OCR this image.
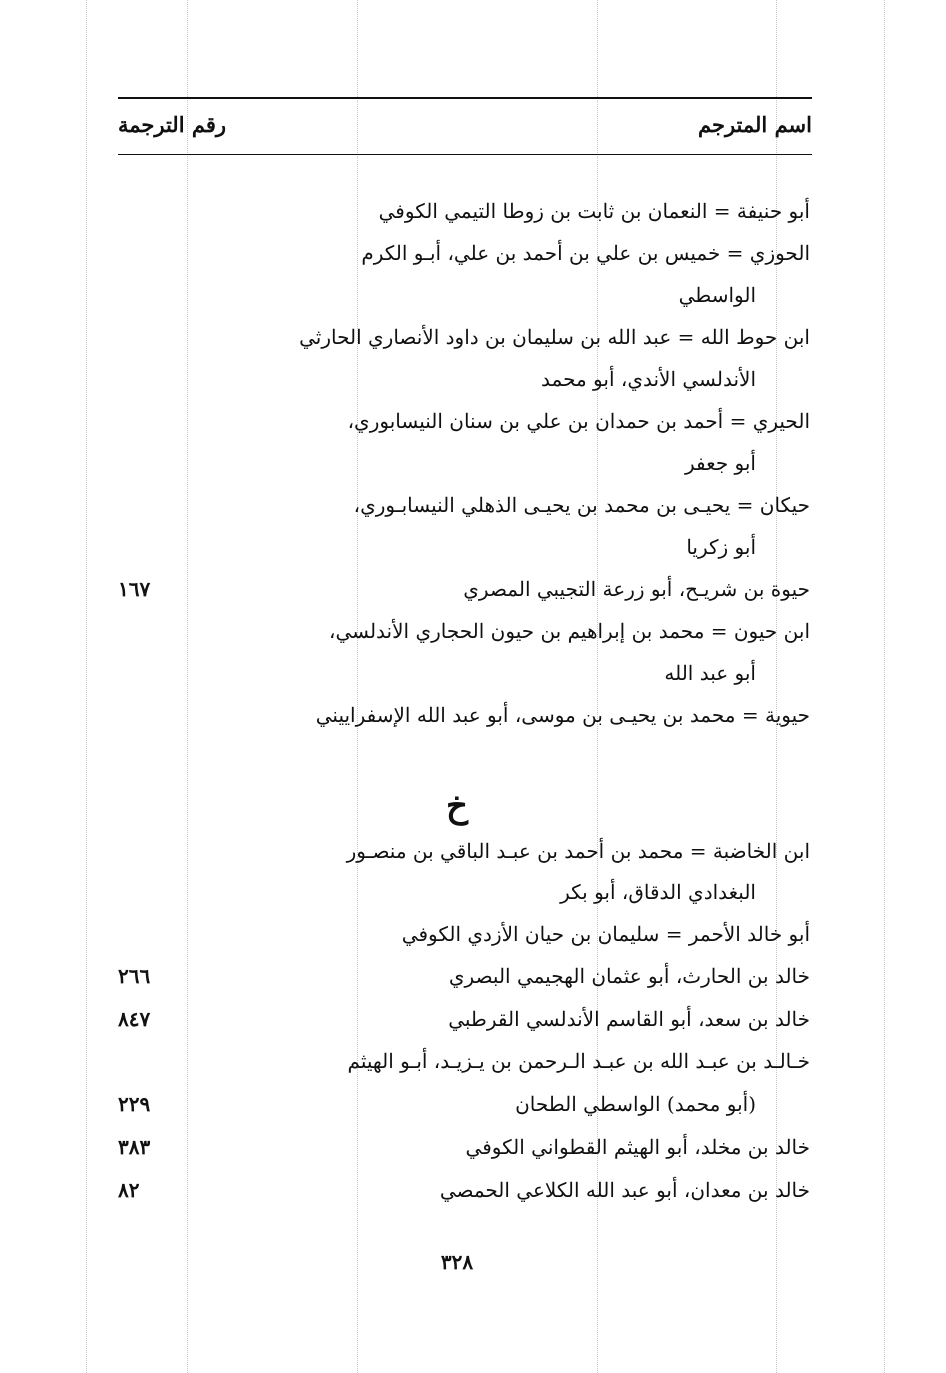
اسم المترجم
رقم الترجمة
أبو حنيفة = النعمان بن ثابت بن زوطا التيمي الكوفي
الحوزي = خميس بن علي بن أحمد بن علي، أبـو الكرم
الواسطي
ابن حوط الله = عبد الله بن سليمان بن داود الأنصاري الحارثي
الأندلسي الأندي، أبو محمد
الحيري = أحمد بن حمدان بن علي بن سنان النيسابوري،
أبو جعفر
حيكان = يحيـى بن محمد بن يحيـى الذهلي النيسابـوري،
أبو زكريا
حيوة بن شريـح، أبو زرعة التجيبي المصري
١٦٧
ابن حيون = محمد بن إبراهيم بن حيون الحجاري الأندلسي،
أبو عبد الله
حيوية = محمد بن يحيـى بن موسى، أبو عبد الله الإسفراييني
خ
ابن الخاضبة = محمد بن أحمد بن عبـد الباقي بن منصـور
البغدادي الدقاق، أبو بكر
أبو خالد الأحمر = سليمان بن حيان الأزدي الكوفي
خالد بن الحارث، أبو عثمان الهجيمي البصري
٢٦٦
خالد بن سعد، أبو القاسم الأندلسي القرطبي
٨٤٧
خـالـد بن عبـد الله بن عبـد الـرحمن بن يـزيـد، أبـو الهيثم
(أبو محمد) الواسطي الطحان
٢٢٩
خالد بن مخلد، أبو الهيثم القطواني الكوفي
٣٨٣
خالد بن معدان، أبو عبد الله الكلاعي الحمصي
٨٢
٣٢٨
